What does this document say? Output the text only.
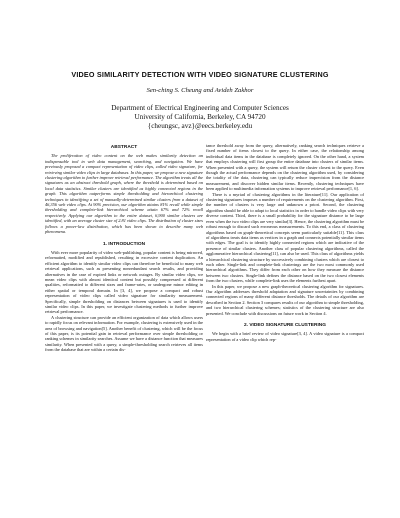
VIDEO SIMILARITY DETECTION WITH VIDEO SIGNATURE CLUSTERING
Sen-ching S. Cheung and Avideh Zakhor
Department of Electrical Engineering and Computer Sciences
University of California, Berkeley, CA 94720
{cheungsc, avz}@eecs.berkeley.edu
ABSTRACT

The proliferation of video content on the web makes similarity detection an indispensable tool in web data management, searching, and navigation. We have previously proposed a compact representation of video clips, called video signature, for retrieving similar video clips in large databases. In this paper, we propose a new signature clustering algorithm to further improve retrieval performance. The algorithm treats all the signatures as an abstract threshold graph, where the threshold is determined based on local data statistics. Similar clusters are identified as highly connected regions in the graph. This algorithm outperforms simple thresholding and hierarchical clustering techniques in identifying a set of manually-determined similar clusters from a dataset of 46,356 web video clips. At 90% precision, our algorithm attains 81% recall while simple thresholding and complete-link hierarchical scheme attain 67% and 72% recall respectively. Applying our algorithm to the entire dataset, 6,900 similar clusters are identified, with an average cluster size of 2.81 video clips. The distribution of cluster sizes follows a power-law distribution, which has been shown to describe many web phenomena.

1. INTRODUCTION

With ever more popularity of video web-publishing, popular content is being mirrored, reformatted, modified and republished, resulting in excessive content duplication. An efficient algorithm to identify similar video clips can therefore be beneficial to many web retrieval applications, such as presenting nonredundant search results, and providing alternatives in the case of expired links or network outages. By similar video clips, we mean video clips with almost identical content but possibly compressed at different qualities, reformatted to different sizes and frame-rates, or undergone minor editing in either spatial or temporal domain. In [3, 4], we propose a compact and robust representation of video clips called video signature for similarity measurement. Specifically, simple thresholding on distances between signatures is used to identify similar video clips. In this paper, we investigate clustering methods to further improve retrieval performance.

A clustering structure can provide an efficient organization of data which allows users to rapidly focus on relevant information. For example, clustering is extensively used in the area of browsing and navigation[5]. Another benefit of clustering, which will be the focus of this paper, is its potential gain in retrieval performance over simple thresholding or ranking schemes in similarity searches. Assume we have a distance function that measures similarity. When presented with a query, a simple-thresholding search retrieves all items from the database that are within a certain dis-

tance threshold away from the query, alternatively, ranking search techniques retrieve a fixed number of items closest to the query. In either case, the relationship among individual data items in the database is completely ignored. On the other hand, a system that employs clustering will first group the entire database into clusters of similar items. When presented with a query, the system will return the cluster closest to the query. Even though the actual performance depends on the clustering algorithm used, by considering the totality of the data, clustering can typically reduce imprecision from the distance measurement, and discover hidden similar items. Recently, clustering techniques have been applied to multimedia information systems to improve retrieval performance[1, 6].

There is a myriad of clustering algorithms in the literature[11]. Our application of clustering signatures imposes a number of requirements on the clustering algorithm. First, the number of clusters is very large and unknown a priori. Second, the clustering algorithm should be able to adapt to local statistics in order to handle video clips with very diverse content. Third, there is a small probability for the signature distance to be large even when the two video clips are very similar[3]. Hence, the clustering algorithm must be robust enough to discard such erroneous measurements. To this end, a class of clustering algorithms based on graph-theoretical concepts seem particularly suitable[11]. This class of algorithms treats data items as vertices in a graph and connects potentially similar items with edges. The goal is to identify highly connected regions which are indicative of the presence of similar clusters. Another class of popular clustering algorithms, called the agglomerative hierarchical clustering[11], can also be used. This class of algorithms yields a hierarchical clustering structure by successively combining clusters which are closest to each other. Single-link and complete-link clusterings are the two most commonly used hierarchical algorithms. They differ from each other on how they measure the distance between two clusters. Single-link defines the distance based on the two closest elements from the two clusters, while complete-link uses the elements furthest apart.

In this paper, we propose a new graph-theoretical clustering algorithm for signatures. Our algorithm addresses threshold adaptation and signature uncertainties by combining connected regions of many different distance thresholds. The details of our algorithm are described in Section 2. Section 3 compares results of our algorithm to simple thresholding, and two hierarchical clustering schemes; statistics of the clustering structure are also presented. We conclude with discussions on future work in Section 4.

2. VIDEO SIGNATURE CLUSTERING

We begin with a brief review of video signature[3, 4]. A video signature is a compact representation of a video clip which rep-
